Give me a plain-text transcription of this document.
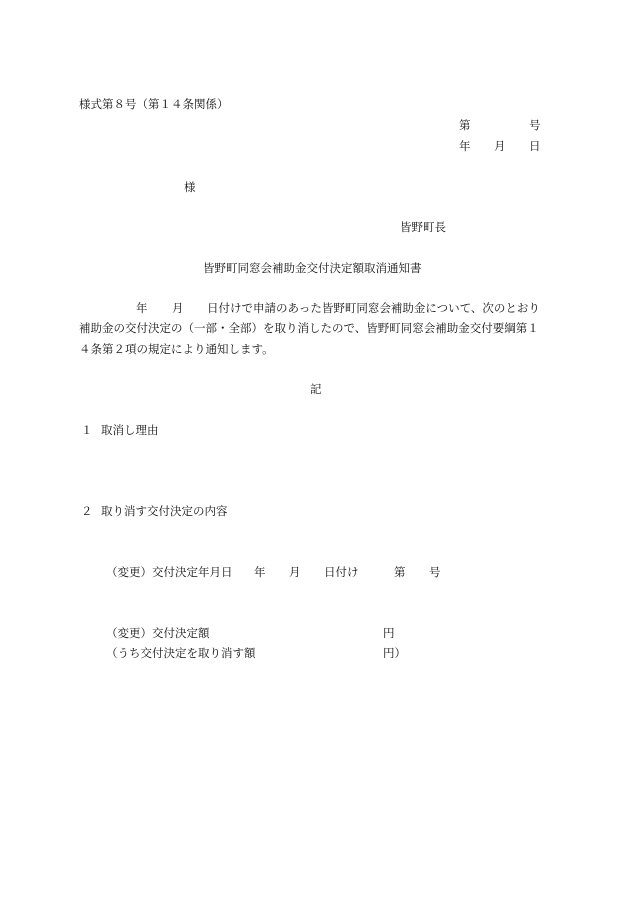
様式第８号（第１４条関係）
第	号
年 月 日
様
皆野町長
皆野町同窓会補助金交付決定額取消通知書
年 月 日付けで申請のあった皆野町同窓会補助金について、次のとおり
補助金の交付決定の（一部・全部）を取り消したので、皆野町同窓会補助金交付要綱第１
４条第２項の規定により通知します。
記
１ 取消し理由
２ 取り消す交付決定の内容
（変更）交付決定年月日 年 月 日付け	第 号
（変更）交付決定額	円
（うち交付決定を取り消す額	円）
